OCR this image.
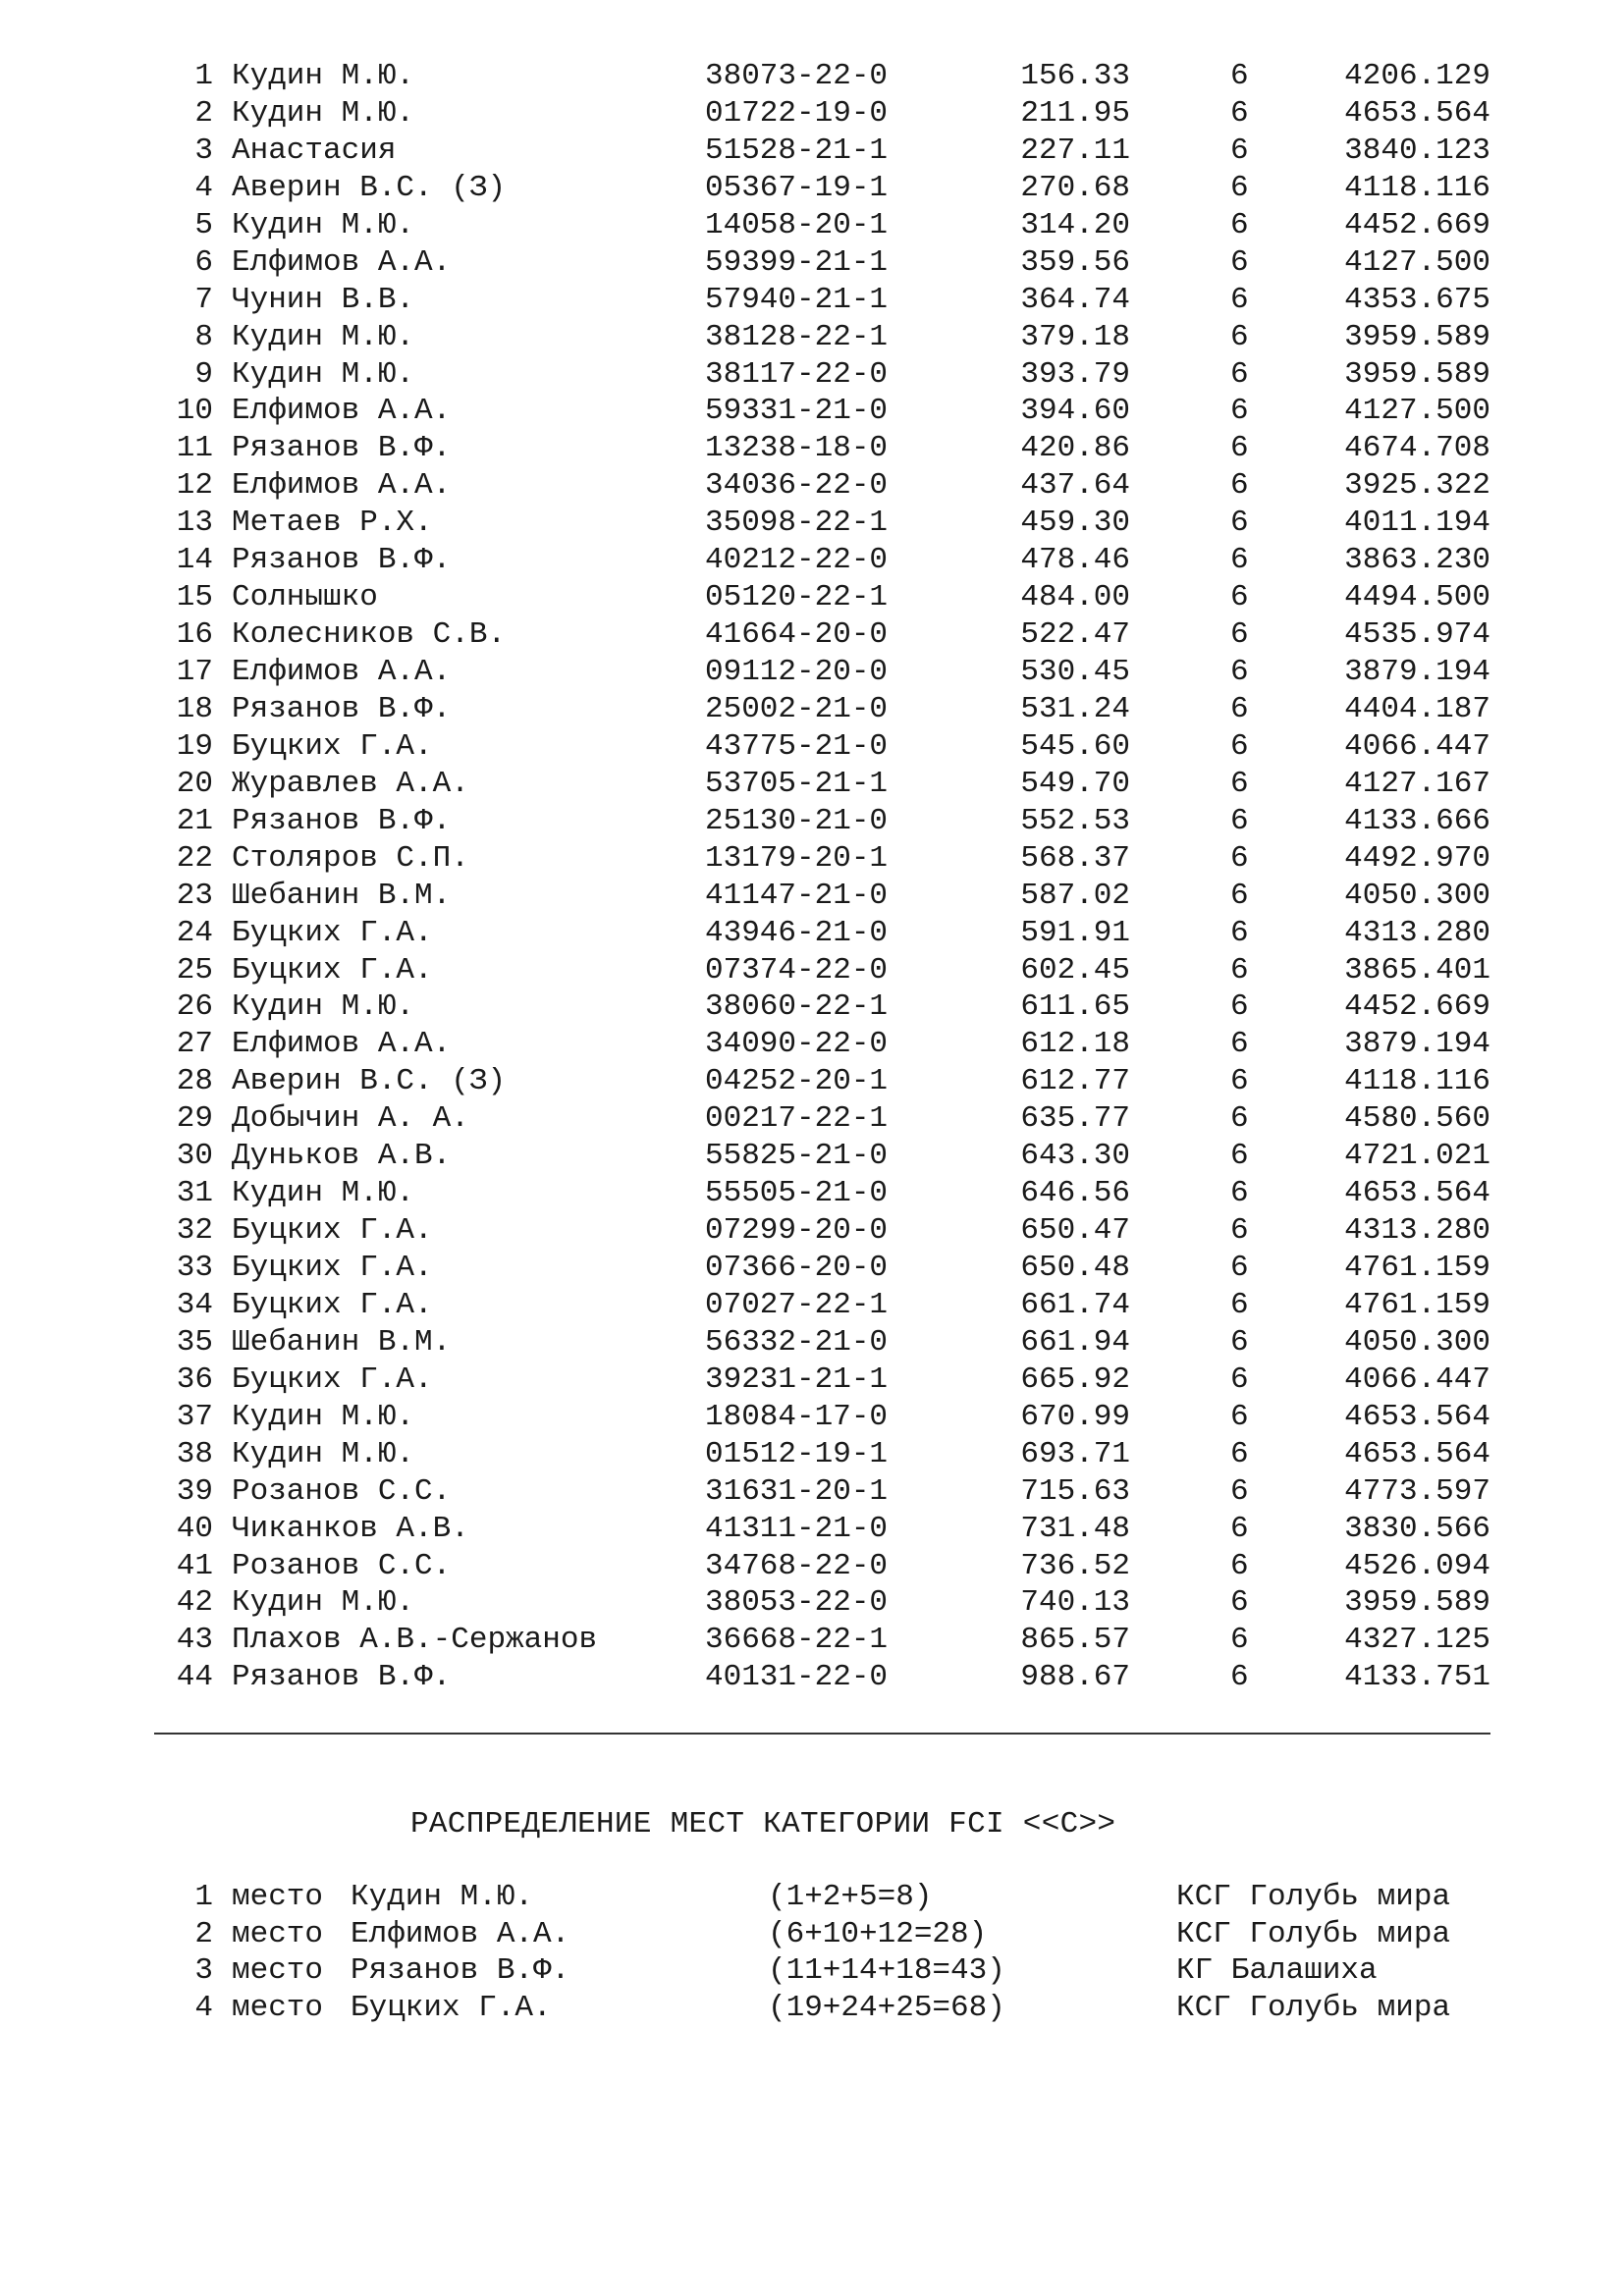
1 Кудин М.Ю.	38073-22-0	156.33	6	4206.129
2 Кудин М.Ю.	01722-19-0	211.95	6	4653.564
3 Анастасия	51528-21-1	227.11	6	3840.123
4 Аверин В.С. (З)	05367-19-1	270.68	6	4118.116
5 Кудин М.Ю.	14058-20-1	314.20	6	4452.669
6 Елфимов А.А.	59399-21-1	359.56	6	4127.500
7 Чунин В.В.	57940-21-1	364.74	6	4353.675
8 Кудин М.Ю.	38128-22-1	379.18	6	3959.589
9 Кудин М.Ю.	38117-22-0	393.79	6	3959.589
10 Елфимов А.А.	59331-21-0	394.60	6	4127.500
11 Рязанов В.Ф.	13238-18-0	420.86	6	4674.708
12 Елфимов А.А.	34036-22-0	437.64	6	3925.322
13 Метаев Р.Х.	35098-22-1	459.30	6	4011.194
14 Рязанов В.Ф.	40212-22-0	478.46	6	3863.230
15 Солнышко	05120-22-1	484.00	6	4494.500
16 Колесников С.В.	41664-20-0	522.47	6	4535.974
17 Елфимов А.А.	09112-20-0	530.45	6	3879.194
18 Рязанов В.Ф.	25002-21-0	531.24	6	4404.187
19 Буцких Г.А.	43775-21-0	545.60	6	4066.447
20 Журавлев А.А.	53705-21-1	549.70	6	4127.167
21 Рязанов В.Ф.	25130-21-0	552.53	6	4133.666
22 Столяров С.П.	13179-20-1	568.37	6	4492.970
23 Шебанин В.М.	41147-21-0	587.02	6	4050.300
24 Буцких Г.А.	43946-21-0	591.91	6	4313.280
25 Буцких Г.А.	07374-22-0	602.45	6	3865.401
26 Кудин М.Ю.	38060-22-1	611.65	6	4452.669
27 Елфимов А.А.	34090-22-0	612.18	6	3879.194
28 Аверин В.С. (З)	04252-20-1	612.77	6	4118.116
29 Добычин А. А.	00217-22-1	635.77	6	4580.560
30 Дуньков А.В.	55825-21-0	643.30	6	4721.021
31 Кудин М.Ю.	55505-21-0	646.56	6	4653.564
32 Буцких Г.А.	07299-20-0	650.47	6	4313.280
33 Буцких Г.А.	07366-20-0	650.48	6	4761.159
34 Буцких Г.А.	07027-22-1	661.74	6	4761.159
35 Шебанин В.М.	56332-21-0	661.94	6	4050.300
36 Буцких Г.А.	39231-21-1	665.92	6	4066.447
37 Кудин М.Ю.	18084-17-0	670.99	6	4653.564
38 Кудин М.Ю.	01512-19-1	693.71	6	4653.564
39 Розанов С.С.	31631-20-1	715.63	6	4773.597
40 Чиканков А.В.	41311-21-0	731.48	6	3830.566
41 Розанов С.С.	34768-22-0	736.52	6	4526.094
42 Кудин М.Ю.	38053-22-0	740.13	6	3959.589
43 Плахов А.В.-Сержанов	36668-22-1	865.57	6	4327.125
44 Рязанов В.Ф.	40131-22-0	988.67	6	4133.751
РАСПРЕДЕЛЕНИЕ МЕСТ КАТЕГОРИИ FCI <<C>>
1 место Кудин М.Ю.	(1+2+5=8)	КСГ Голубь мира
2 место Елфимов А.А.	(6+10+12=28)	КСГ Голубь мира
3 место Рязанов В.Ф.	(11+14+18=43)	КГ Балашиха
4 место Буцких Г.А.	(19+24+25=68)	КСГ Голубь мира
